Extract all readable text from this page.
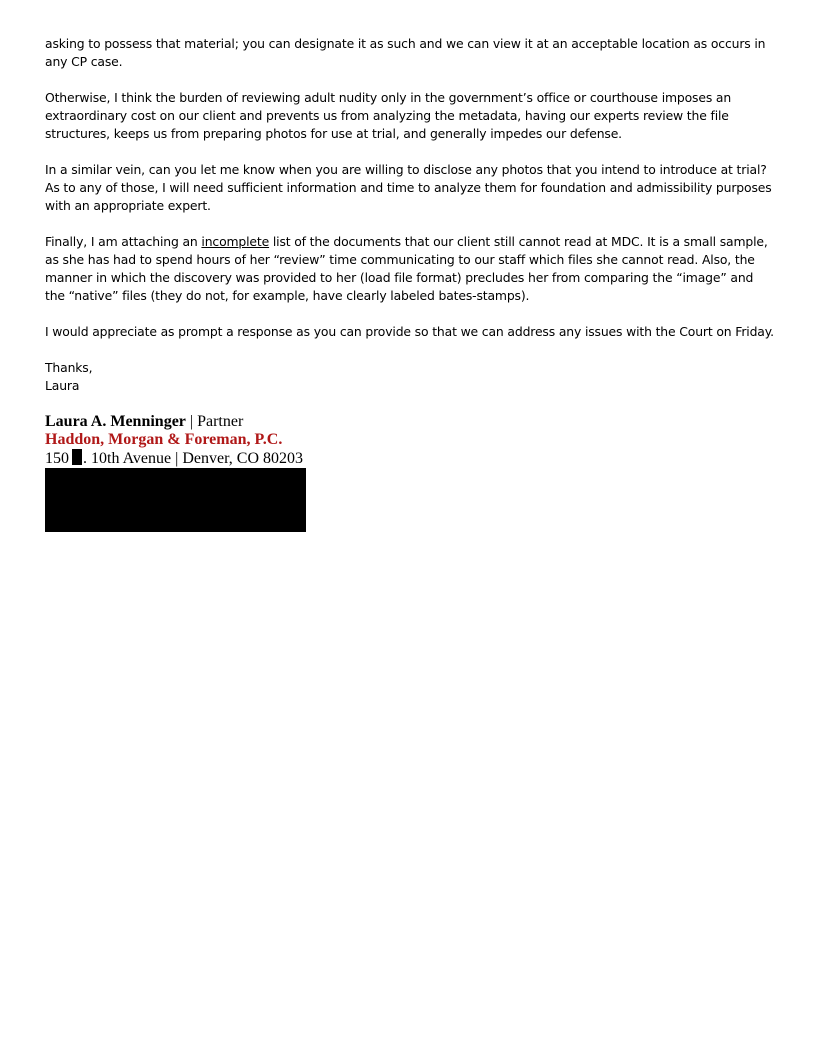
asking to possess that material; you can designate it as such and we can view it at an acceptable location as occurs in any CP case.

Otherwise, I think the burden of reviewing adult nudity only in the government’s office or courthouse imposes an extraordinary cost on our client and prevents us from analyzing the metadata, having our experts review the file structures, keeps us from preparing photos for use at trial, and generally impedes our defense.

In a similar vein, can you let me know when you are willing to disclose any photos that you intend to introduce at trial? As to any of those, I will need sufficient information and time to analyze them for foundation and admissibility purposes with an appropriate expert.

Finally, I am attaching an incomplete list of the documents that our client still cannot read at MDC. It is a small sample, as she has had to spend hours of her “review” time communicating to our staff which files she cannot read. Also, the manner in which the discovery was provided to her (load file format) precludes her from comparing the “image” and the “native” files (they do not, for example, have clearly labeled bates-stamps).

I would appreciate as prompt a response as you can provide so that we can address any issues with the Court on Friday.

Thanks,

Laura

Laura A. Menninger | Partner
Haddon, Morgan & Foreman, P.C.
150 . 10th Avenue | Denver, CO 80203
